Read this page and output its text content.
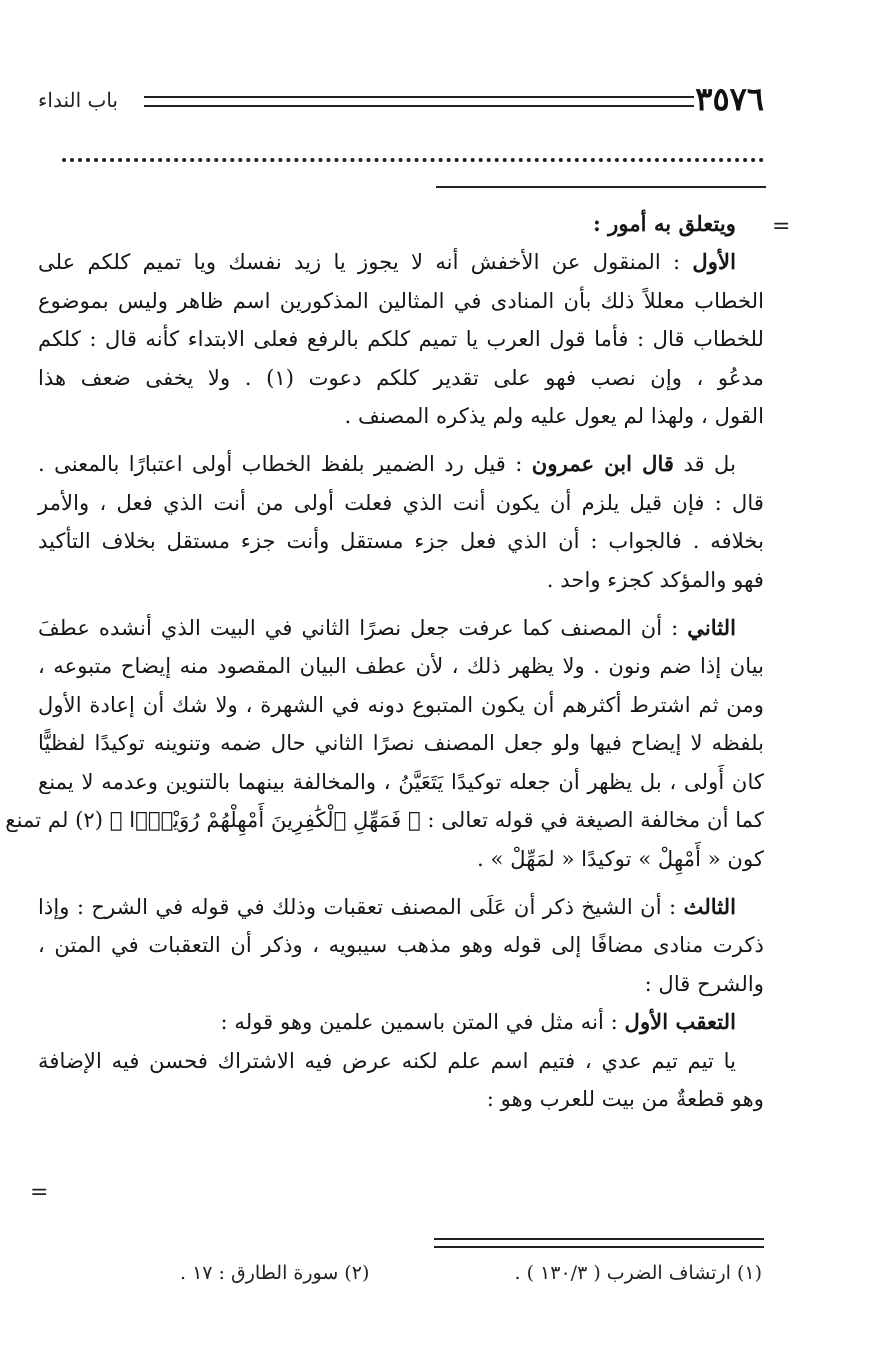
٣٥٧٦
باب النداء
=
=

ويتعلق به أمور :

الأول : المنقول عن الأخفش أنه لا يجوز يا زيد نفسك ويا تميم كلكم على
الخطاب معللاً ذلك بأن المنادى في المثالين المذكورين اسم ظاهر وليس بموضوع
للخطاب قال : فأما قول العرب يا تميم كلكم بالرفع فعلى الابتداء كأنه قال : كلكم
مدعُو ، وإن نصب فهو على تقدير كلكم دعوت (١) . ولا يخفى ضعف هذا
القول ، ولهذا لم يعول عليه ولم يذكره المصنف .

بل قد قال ابن عمرون : قيل رد الضمير بلفظ الخطاب أولى اعتبارًا بالمعنى .
قال : فإن قيل يلزم أن يكون أنت الذي فعلت أولى من أنت الذي فعل ، والأمر
بخلافه . فالجواب : أن الذي فعل جزء مستقل وأنت جزء مستقل بخلاف التأكيد
فهو والمؤكد كجزء واحد .

الثاني : أن المصنف كما عرفت جعل نصرًا الثاني في البيت الذي أنشده عطفَ
بيان إذا ضم ونون . ولا يظهر ذلك ، لأن عطف البيان المقصود منه إيضاح متبوعه ،
ومن ثم اشترط أكثرهم أن يكون المتبوع دونه في الشهرة ، ولا شك أن إعادة الأول
بلفظه لا إيضاح فيها ولو جعل المصنف نصرًا الثاني حال ضمه وتنوينه توكيدًا لفظيًّا
كان أَولى ، بل يظهر أن جعله توكيدًا يَتَعَيَّنُ ، والمخالفة بينهما بالتنوين وعدمه لا يمنع
كما أن مخالفة الصيغة في قوله تعالى : ﴿ فَمَهِّلِ ٱلْكَٰفِرِينَ أَمْهِلْهُمْ رُوَيْدًۢا ﴾ (٢) لم تمنع
كون « أَمْهِلْ » توكيدًا « لمَهِّلْ » .

الثالث : أن الشيخ ذكر أن عَلَى المصنف تعقبات وذلك في قوله في الشرح : وإذا
ذكرت منادى مضافًا إلى قوله وهو مذهب سيبويه ، وذكر أن التعقبات في المتن ،
والشرح قال :

التعقب الأول : أنه مثل في المتن باسمين علمين وهو قوله :

يا تيم تيم عدي ، فتيم اسم علم لكنه عرض فيه الاشتراك فحسن فيه الإضافة
وهو قطعةٌ من بيت للعرب وهو :

(١) ارتشاف الضرب ( ١٣٠/٣ ) .
(٢) سورة الطارق : ١٧ .
